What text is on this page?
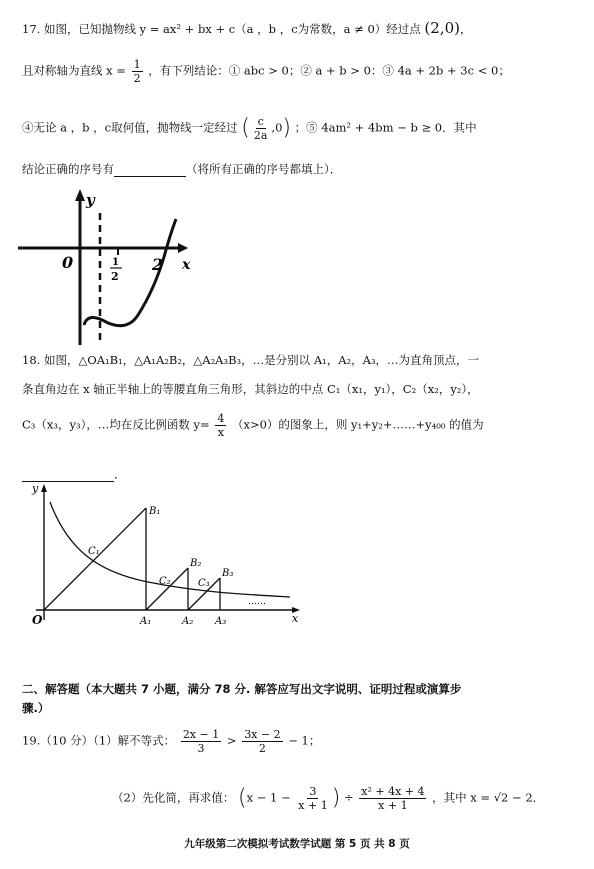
17. 如图，已知抛物线 y = ax² + bx + c（a ，b ，c为常数，a ≠ 0）经过点 (2,0)，
且对称轴为直线 $x = \frac{1}{2}$ ，有下列结论：① abc > 0；② a + b > 0：③ 4a + 2b + 3c < 0；
④无论 a ，b ，c取何值，抛物线一定经过 ( $\frac{c}{2a} ,0$) ；⑤ 4am² + 4bm − b ≥ 0．其中
结论正确的序号有	（将所有正确的序号都填上）．
y
x
0	1
2
2
18. 如图，△OA₁B₁，△A₁A₂B₂，△A₂A₃B₃，…是分别以 A₁，A₂，A₃，…为直角顶点，一
条直角边在 x 轴正半轴上的等腰直角三角形，其斜边的中点 C₁（x₁，y₁），C₂（x₂，y₂），
C₃（x₃，y₃），…均在反比例函数 $y= \frac{4}{x} (x>0)$的图象上，则 y₁+y₂+……+y₄₀₀ 的值为
．
y
x
O
B₁
B₂
B₃
C₁
C₂	C₃
A₁	A₂ A₃
……
二、解答题（本大题共 7 小题，满分 78 分. 解答应写出文字说明、证明过程或演算步
骤.）
19.（10 分）（1）解不等式： $\frac{2x - 1}{3} > \frac{3x - 2}{2} - 1$；
（2）先化简，再求值： ($x - 1 - \frac{3}{x + 1}$ ) ÷ $\frac{\text{x² + 4x + 4}}{x + 1}$ ，其中 x = √2 − 2．
九年级第二次模拟考试数学试题 第 5 页 共 8 页
